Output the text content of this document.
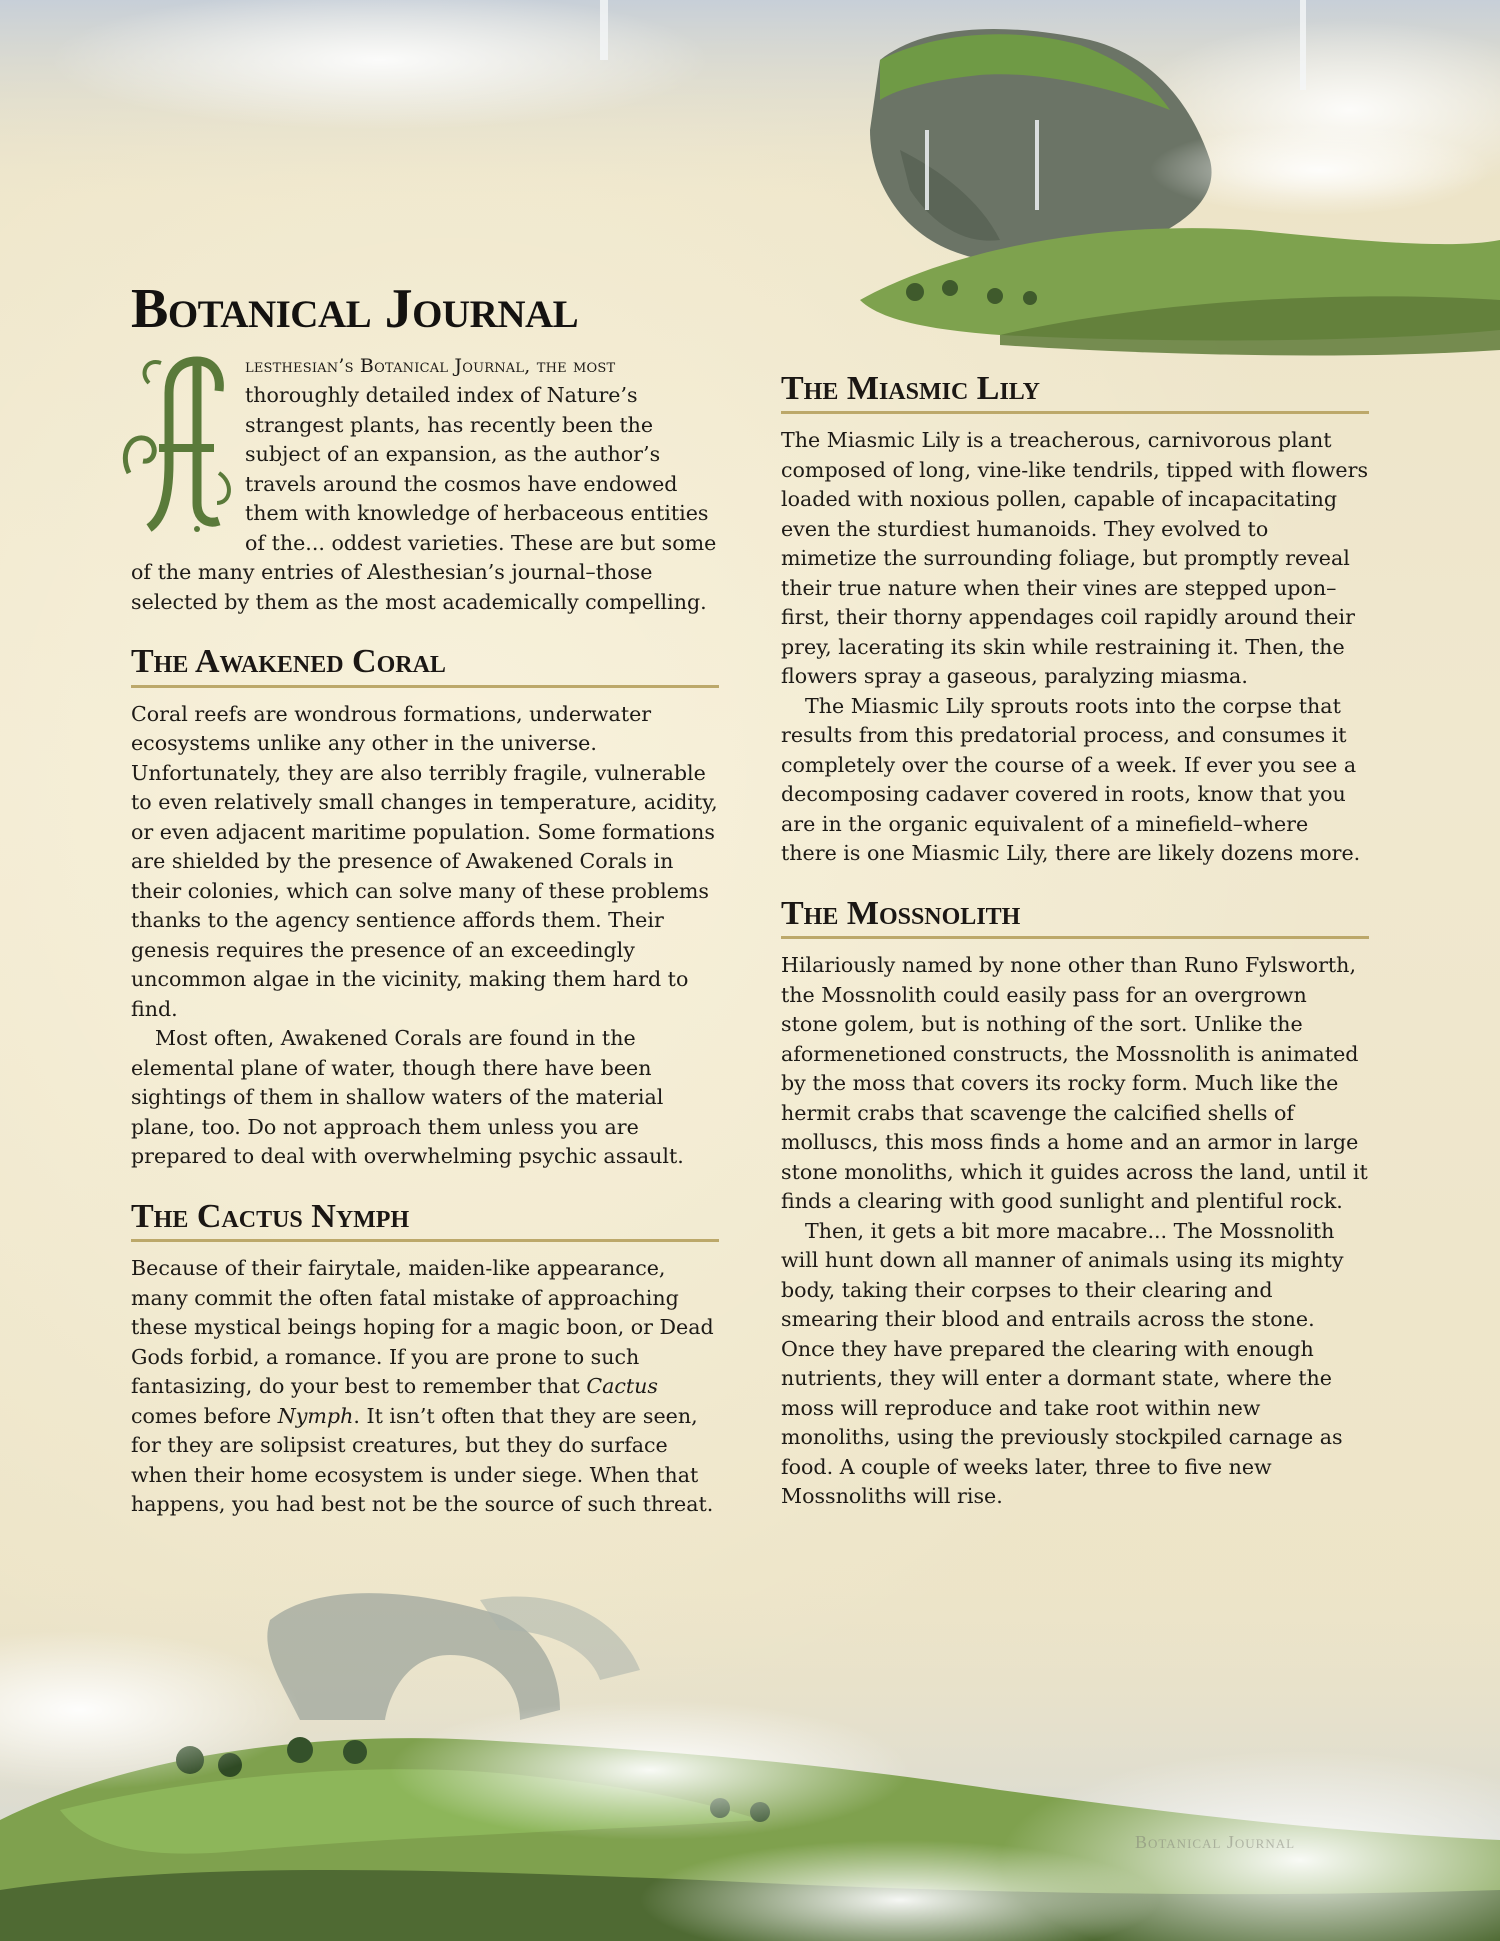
Botanical Journal

A
lesthesian’s Botanical Journal, the most thoroughly detailed index of Nature’s strangest plants, has recently been the subject of an expansion, as the author’s travels around the cosmos have endowed them with knowledge of herbaceous entities of the... oddest varieties. These are but some of the many entries of Alesthesian’s journal–those selected by them as the most academically compelling.

The Awakened Coral

Coral reefs are wondrous formations, underwater ecosystems unlike any other in the universe. Unfortunately, they are also terribly fragile, vulnerable to even relatively small changes in temperature, acidity, or even adjacent maritime population. Some formations are shielded by the presence of Awakened Corals in their colonies, which can solve many of these problems thanks to the agency sentience affords them. Their genesis requires the presence of an exceedingly uncommon algae in the vicinity, making them hard to find.

Most often, Awakened Corals are found in the elemental plane of water, though there have been sightings of them in shallow waters of the material plane, too. Do not approach them unless you are prepared to deal with overwhelming psychic assault.

The Cactus Nymph

Because of their fairytale, maiden-like appearance, many commit the often fatal mistake of approaching these mystical beings hoping for a magic boon, or Dead Gods forbid, a romance. If you are prone to such fantasizing, do your best to remember that Cactus comes before Nymph. It isn’t often that they are seen, for they are solipsist creatures, but they do surface when their home ecosystem is under siege. When that happens, you had best not be the source of such threat.

The Miasmic Lily

The Miasmic Lily is a treacherous, carnivorous plant composed of long, vine-like tendrils, tipped with flowers loaded with noxious pollen, capable of incapacitating even the sturdiest humanoids. They evolved to mimetize the surrounding foliage, but promptly reveal their true nature when their vines are stepped upon–first, their thorny appendages coil rapidly around their prey, lacerating its skin while restraining it. Then, the flowers spray a gaseous, paralyzing miasma.

The Miasmic Lily sprouts roots into the corpse that results from this predatorial process, and consumes it completely over the course of a week. If ever you see a decomposing cadaver covered in roots, know that you are in the organic equivalent of a minefield–where there is one Miasmic Lily, there are likely dozens more.

The Mossnolith

Hilariously named by none other than Runo Fylsworth, the Mossnolith could easily pass for an overgrown stone golem, but is nothing of the sort. Unlike the aformenetioned constructs, the Mossnolith is animated by the moss that covers its rocky form. Much like the hermit crabs that scavenge the calcified shells of molluscs, this moss finds a home and an armor in large stone monoliths, which it guides across the land, until it finds a clearing with good sunlight and plentiful rock.

Then, it gets a bit more macabre... The Mossnolith will hunt down all manner of animals using its mighty body, taking their corpses to their clearing and smearing their blood and entrails across the stone. Once they have prepared the clearing with enough nutrients, they will enter a dormant state, where the moss will reproduce and take root within new monoliths, using the previously stockpiled carnage as food. A couple of weeks later, three to five new Mossnoliths will rise.

Botanical Journal
